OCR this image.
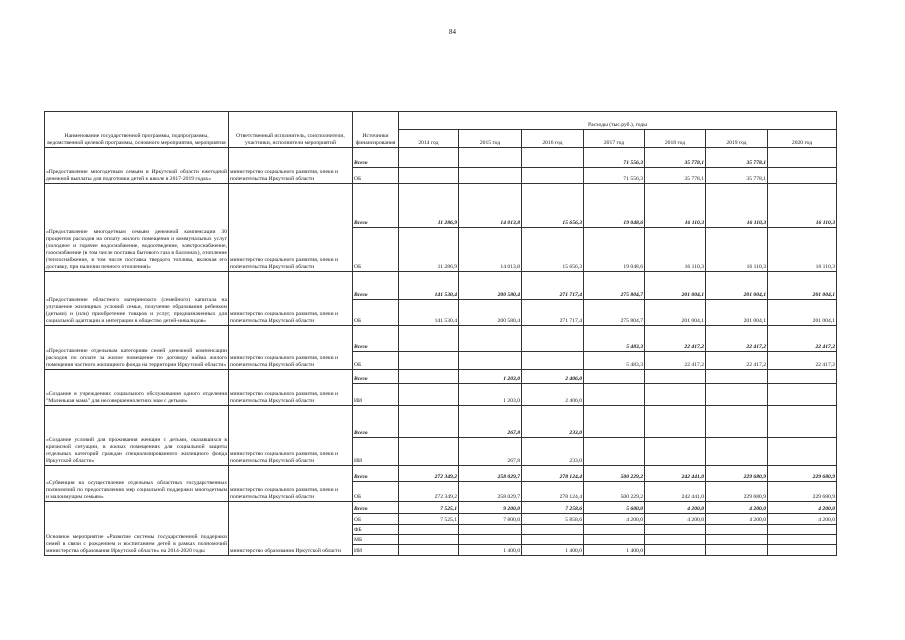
84
Наименование государственной программы, подпрограммы, ведомственной целевой программы, основного мероприятия, мероприятия	Ответственный исполнитель, соисполнители, участники, исполнители мероприятий	Источники финансирования	Расходы (тыс.руб.), годы						
			2014 год	2015 год	2016 год	2017 год	2018 год	2019 год	2020 год
«Предоставление многодетным семьям в Иркутской области ежегодной денежной выплаты для подготовки детей к школе в 2017-2019 годах»	министерство социального развития, опеки и попечительства Иркутской области	Всего				71 556,3	35 778,1	35 778,1	
		ОБ				71 556,3	35 778,1	35 778,1	
«Предоставление многодетным семьям денежной компенсации 30 процентов расходов на оплату жилого помещения и коммунальных услуг (холодное и горячее водоснабжение, водоотведение, электроснабжение, газоснабжение (в том числе поставка бытового газа в баллонах), отопление (теплоснабжение, в том числе поставка твердого топлива, включая его доставку, при наличии печного отопления)»	министерство социального развития, опеки и попечительства Иркутской области	Всего	11 286,9	14 013,8	15 656,3	19 048,6	16 110,3	16 110,3	16 110,3
		ОБ	11 286,9	14 013,8	15 656,3	19 048,6	16 110,3	16 110,3	16 110,3
«Предоставление областного материнского (семейного) капитала на улучшение жилищных условий семьи, получение образования ребенком (детьми) и (или) приобретение товаров и услуг, предназначенных для социальной адаптации и интеграции в общество детей-инвалидов»	министерство социального развития, опеки и попечительства Иркутской области	Всего	141 530,4	200 580,4	271 717,4	275 804,7	201 004,1	201 004,1	201 004,1
		ОБ	141 530,4	200 580,4	271 717,4	275 804,7	201 004,1	201 004,1	201 004,1
«Предоставление отдельным категориям семей денежной компенсации расходов по оплате за жилое помещение по договору найма жилого помещения частного жилищного фонда на территории Иркутской области»	министерство социального развития, опеки и попечительства Иркутской области	Всего				5 483,3	22 417,2	22 417,2	22 417,2
		ОБ				5 483,3	22 417,2	22 417,2	22 417,2
«Создание в учреждениях социального обслуживания одного отделения "Маленькая мама" для несовершеннолетних мам с детьми»	министерство социального развития, опеки и попечительства Иркутской области	Всего		1 203,0	2 406,0				
		ИИ		1 203,0	2 406,0				
«Создание условий для проживания женщин с детьми, оказавшихся в кризисной ситуации, в жилых помещениях для социальной защиты отдельных категорий граждан специализированного жилищного фонда Иркутской области»	министерство социального развития, опеки и попечительства Иркутской области	Всего		267,8	233,0				
		ИИ		267,8	233,0				
«Субвенция на осуществление отдельных областных государственных полномочий по предоставлению мер социальной поддержки многодетным и малоимущим семьям»	министерство социального развития, опеки и попечительства Иркутской области	Всего	272 349,2	258 029,7	278 124,4	500 229,2	242 441,0	229 680,9	229 680,9
		ОБ	272 349,2	258 029,7	278 124,4	500 229,2	242 441,0	229 680,9	229 680,9
Основное мероприятие «Развитие системы государственной поддержки семей в связи с рождением и воспитанием детей в рамках полномочий министерства образования Иркутской области» на 2014-2020 годы	министерство образования Иркутской области	Всего	7 525,1	9 200,0	7 258,6	5 600,0	4 200,0	4 200,0	4 200,0
		ОБ	7 525,1	7 800,0	5 858,6	4 200,0	4 200,0	4 200,0	4 200,0
		ФБ							
		МБ							
		ИИ		1 400,0	1 400,0	1 400,0			
